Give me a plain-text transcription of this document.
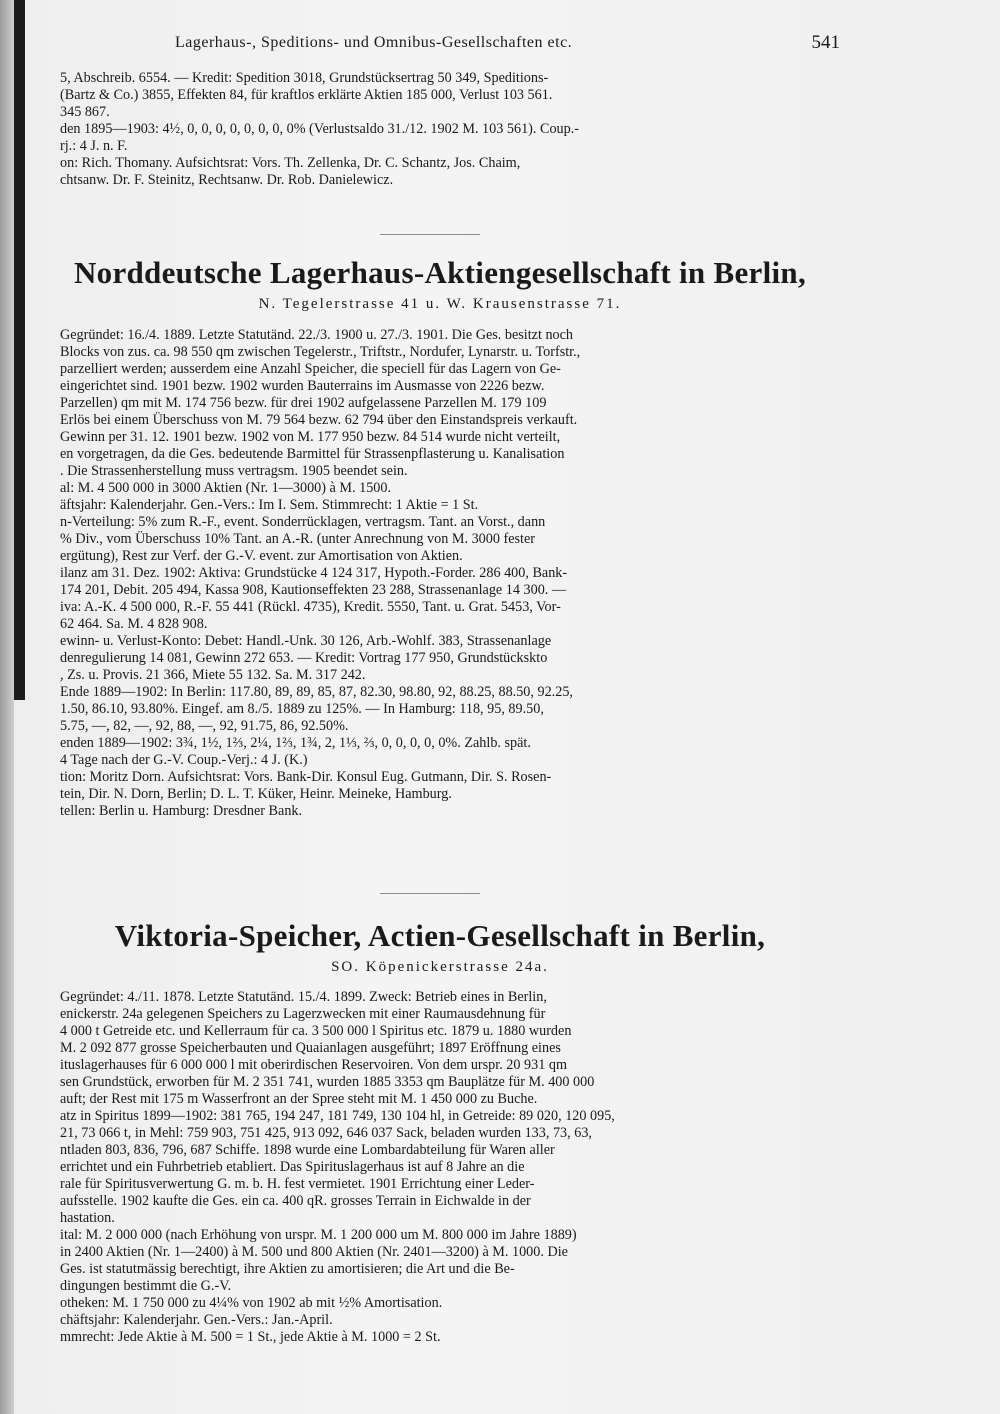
Lagerhaus-, Speditions- und Omnibus-Gesellschaften etc.	541

5, Abschreib. 6554. — Kredit: Spedition 3018, Grundstücksertrag 50 349, Speditions-

(Bartz & Co.) 3855, Effekten 84, für kraftlos erklärte Aktien 185 000, Verlust 103 561.

345 867.

den 1895—1903: 4½, 0, 0, 0, 0, 0, 0, 0, 0% (Verlustsaldo 31./12. 1902 M. 103 561). Coup.-

rj.: 4 J. n. F.

on: Rich. Thomany. Aufsichtsrat: Vors. Th. Zellenka, Dr. C. Schantz, Jos. Chaim,

chtsanw. Dr. F. Steinitz, Rechtsanw. Dr. Rob. Danielewicz.

Norddeutsche Lagerhaus-Aktiengesellschaft in Berlin,
N. Tegelerstrasse 41 u. W. Krausenstrasse 71.

Gegründet: 16./4. 1889. Letzte Statutänd. 22./3. 1900 u. 27./3. 1901. Die Ges. besitzt noch

Blocks von zus. ca. 98 550 qm zwischen Tegelerstr., Triftstr., Nordufer, Lynarstr. u. Torfstr.,

parzelliert werden; ausserdem eine Anzahl Speicher, die speciell für das Lagern von Ge-

eingerichtet sind. 1901 bezw. 1902 wurden Bauterrains im Ausmasse von 2226 bezw.

Parzellen) qm mit M. 174 756 bezw. für drei 1902 aufgelassene Parzellen M. 179 109

Erlös bei einem Überschuss von M. 79 564 bezw. 62 794 über den Einstandspreis verkauft.

Gewinn per 31. 12. 1901 bezw. 1902 von M. 177 950 bezw. 84 514 wurde nicht verteilt,

en vorgetragen, da die Ges. bedeutende Barmittel für Strassenpflasterung u. Kanalisation

. Die Strassenherstellung muss vertragsm. 1905 beendet sein.

al: M. 4 500 000 in 3000 Aktien (Nr. 1—3000) à M. 1500.

äftsjahr: Kalenderjahr. Gen.-Vers.: Im I. Sem. Stimmrecht: 1 Aktie = 1 St.

n-Verteilung: 5% zum R.-F., event. Sonderrücklagen, vertragsm. Tant. an Vorst., dann

% Div., vom Überschuss 10% Tant. an A.-R. (unter Anrechnung von M. 3000 fester

ergütung), Rest zur Verf. der G.-V. event. zur Amortisation von Aktien.

ilanz am 31. Dez. 1902: Aktiva: Grundstücke 4 124 317, Hypoth.-Forder. 286 400, Bank-

174 201, Debit. 205 494, Kassa 908, Kautionseffekten 23 288, Strassenanlage 14 300. —

iva: A.-K. 4 500 000, R.-F. 55 441 (Rückl. 4735), Kredit. 5550, Tant. u. Grat. 5453, Vor-

62 464. Sa. M. 4 828 908.

ewinn- u. Verlust-Konto: Debet: Handl.-Unk. 30 126, Arb.-Wohlf. 383, Strassenanlage

denregulierung 14 081, Gewinn 272 653. — Kredit: Vortrag 177 950, Grundstückskto

, Zs. u. Provis. 21 366, Miete 55 132. Sa. M. 317 242.

Ende 1889—1902: In Berlin: 117.80, 89, 89, 85, 87, 82.30, 98.80, 92, 88.25, 88.50, 92.25,

1.50, 86.10, 93.80%. Eingef. am 8./5. 1889 zu 125%. — In Hamburg: 118, 95, 89.50,

5.75, —, 82, —, 92, 88, —, 92, 91.75, 86, 92.50%.

enden 1889—1902: 3¾, 1½, 1⅔, 2¼, 1⅔, 1¾, 2, 1⅓, ⅔, 0, 0, 0, 0, 0%. Zahlb. spät.

4 Tage nach der G.-V. Coup.-Verj.: 4 J. (K.)

tion: Moritz Dorn. Aufsichtsrat: Vors. Bank-Dir. Konsul Eug. Gutmann, Dir. S. Rosen-

tein, Dir. N. Dorn, Berlin; D. L. T. Küker, Heinr. Meineke, Hamburg.

tellen: Berlin u. Hamburg: Dresdner Bank.

Viktoria-Speicher, Actien-Gesellschaft in Berlin,
SO. Köpenickerstrasse 24a.

Gegründet: 4./11. 1878. Letzte Statutänd. 15./4. 1899. Zweck: Betrieb eines in Berlin,

enickerstr. 24a gelegenen Speichers zu Lagerzwecken mit einer Raumausdehnung für

4 000 t Getreide etc. und Kellerraum für ca. 3 500 000 l Spiritus etc. 1879 u. 1880 wurden

M. 2 092 877 grosse Speicherbauten und Quaianlagen ausgeführt; 1897 Eröffnung eines

ituslagerhauses für 6 000 000 l mit oberirdischen Reservoiren. Von dem urspr. 20 931 qm

sen Grundstück, erworben für M. 2 351 741, wurden 1885 3353 qm Bauplätze für M. 400 000

auft; der Rest mit 175 m Wasserfront an der Spree steht mit M. 1 450 000 zu Buche.

atz in Spiritus 1899—1902: 381 765, 194 247, 181 749, 130 104 hl, in Getreide: 89 020, 120 095,

21, 73 066 t, in Mehl: 759 903, 751 425, 913 092, 646 037 Sack, beladen wurden 133, 73, 63,

ntladen 803, 836, 796, 687 Schiffe. 1898 wurde eine Lombardabteilung für Waren aller

errichtet und ein Fuhrbetrieb etabliert. Das Spirituslagerhaus ist auf 8 Jahre an die

rale für Spiritusverwertung G. m. b. H. fest vermietet. 1901 Errichtung einer Leder-

aufsstelle. 1902 kaufte die Ges. ein ca. 400 qR. grosses Terrain in Eichwalde in der

hastation.

ital: M. 2 000 000 (nach Erhöhung von urspr. M. 1 200 000 um M. 800 000 im Jahre 1889)

in 2400 Aktien (Nr. 1—2400) à M. 500 und 800 Aktien (Nr. 2401—3200) à M. 1000. Die

Ges. ist statutmässig berechtigt, ihre Aktien zu amortisieren; die Art und die Be-

dingungen bestimmt die G.-V.

otheken: M. 1 750 000 zu 4¼% von 1902 ab mit ½% Amortisation.

chäftsjahr: Kalenderjahr. Gen.-Vers.: Jan.-April.

mmrecht: Jede Aktie à M. 500 = 1 St., jede Aktie à M. 1000 = 2 St.
